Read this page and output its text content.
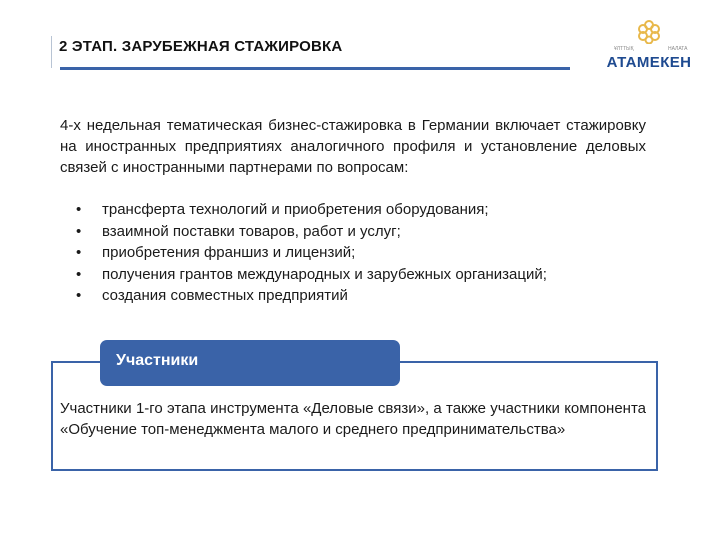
2 ЭТАП. ЗАРУБЕЖНАЯ СТАЖИРОВКА	ҰЛТТЫҚ	НАЛАТА
АТАМЕКЕН
4-х недельная тематическая бизнес-стажировка в Германии включает стажировку на иностранных предприятиях аналогичного профиля и установление деловых связей с иностранными партнерами по вопросам:
• трансферта технологий и приобретения оборудования;
• взаимной поставки товаров, работ и услуг;
• приобретения франшиз и лицензий;
• получения грантов международных и зарубежных организаций;
• создания совместных предприятий
Участники
Участники 1-го этапа инструмента «Деловые связи», а также участники компонента «Обучение топ-менеджмента малого и среднего предпринимательства»
